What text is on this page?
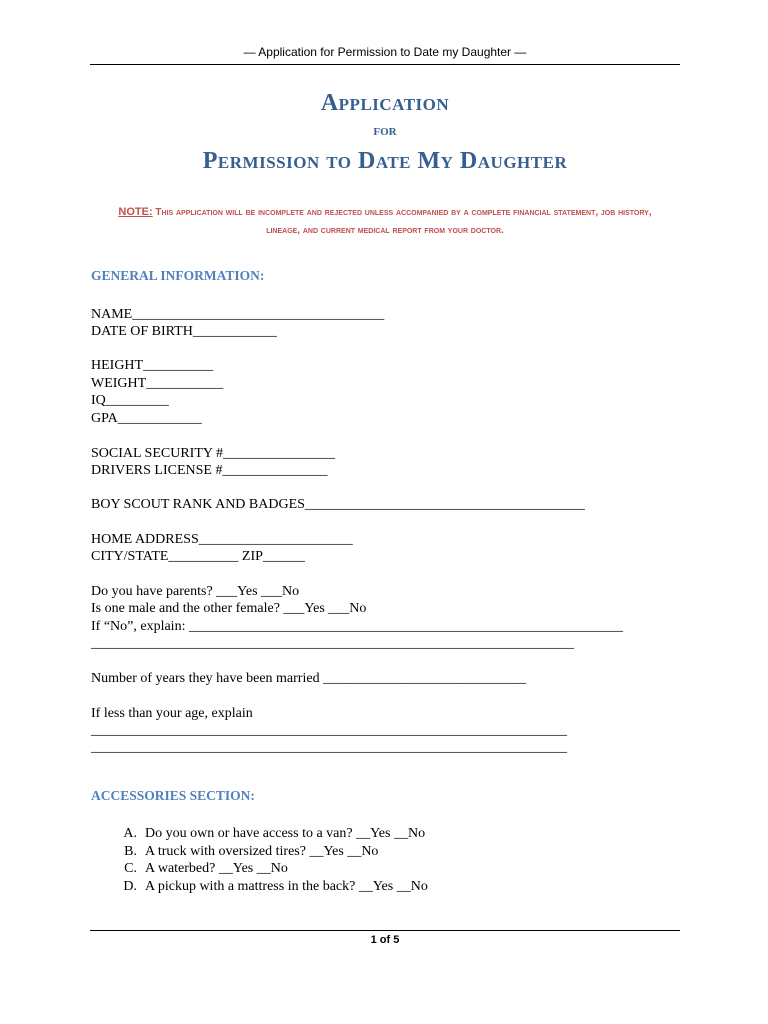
— Application for Permission to Date my Daughter —
Application
for
Permission to Date My Daughter
NOTE: This application will be incomplete and rejected unless accompanied by a complete financial statement, job history, lineage, and current medical report from your doctor.
GENERAL INFORMATION:
NAME____________________________________
DATE OF BIRTH____________
HEIGHT__________
WEIGHT___________
IQ_________
GPA____________
SOCIAL SECURITY #________________
DRIVERS LICENSE #_______________
BOY SCOUT RANK AND BADGES________________________________________
HOME ADDRESS______________________
CITY/STATE__________ ZIP______
Do you have parents? ___Yes ___No
Is one male and the other female? ___Yes ___No
If “No”, explain: ______________________________________________________________
_____________________________________________________________________
Number of years they have been married _____________________________
If less than your age, explain
____________________________________________________________________
____________________________________________________________________
ACCESSORIES SECTION:
A. Do you own or have access to a van? __Yes __No
B. A truck with oversized tires? __Yes __No
C. A waterbed? __Yes __No
D. A pickup with a mattress in the back? __Yes __No
1 of 5
